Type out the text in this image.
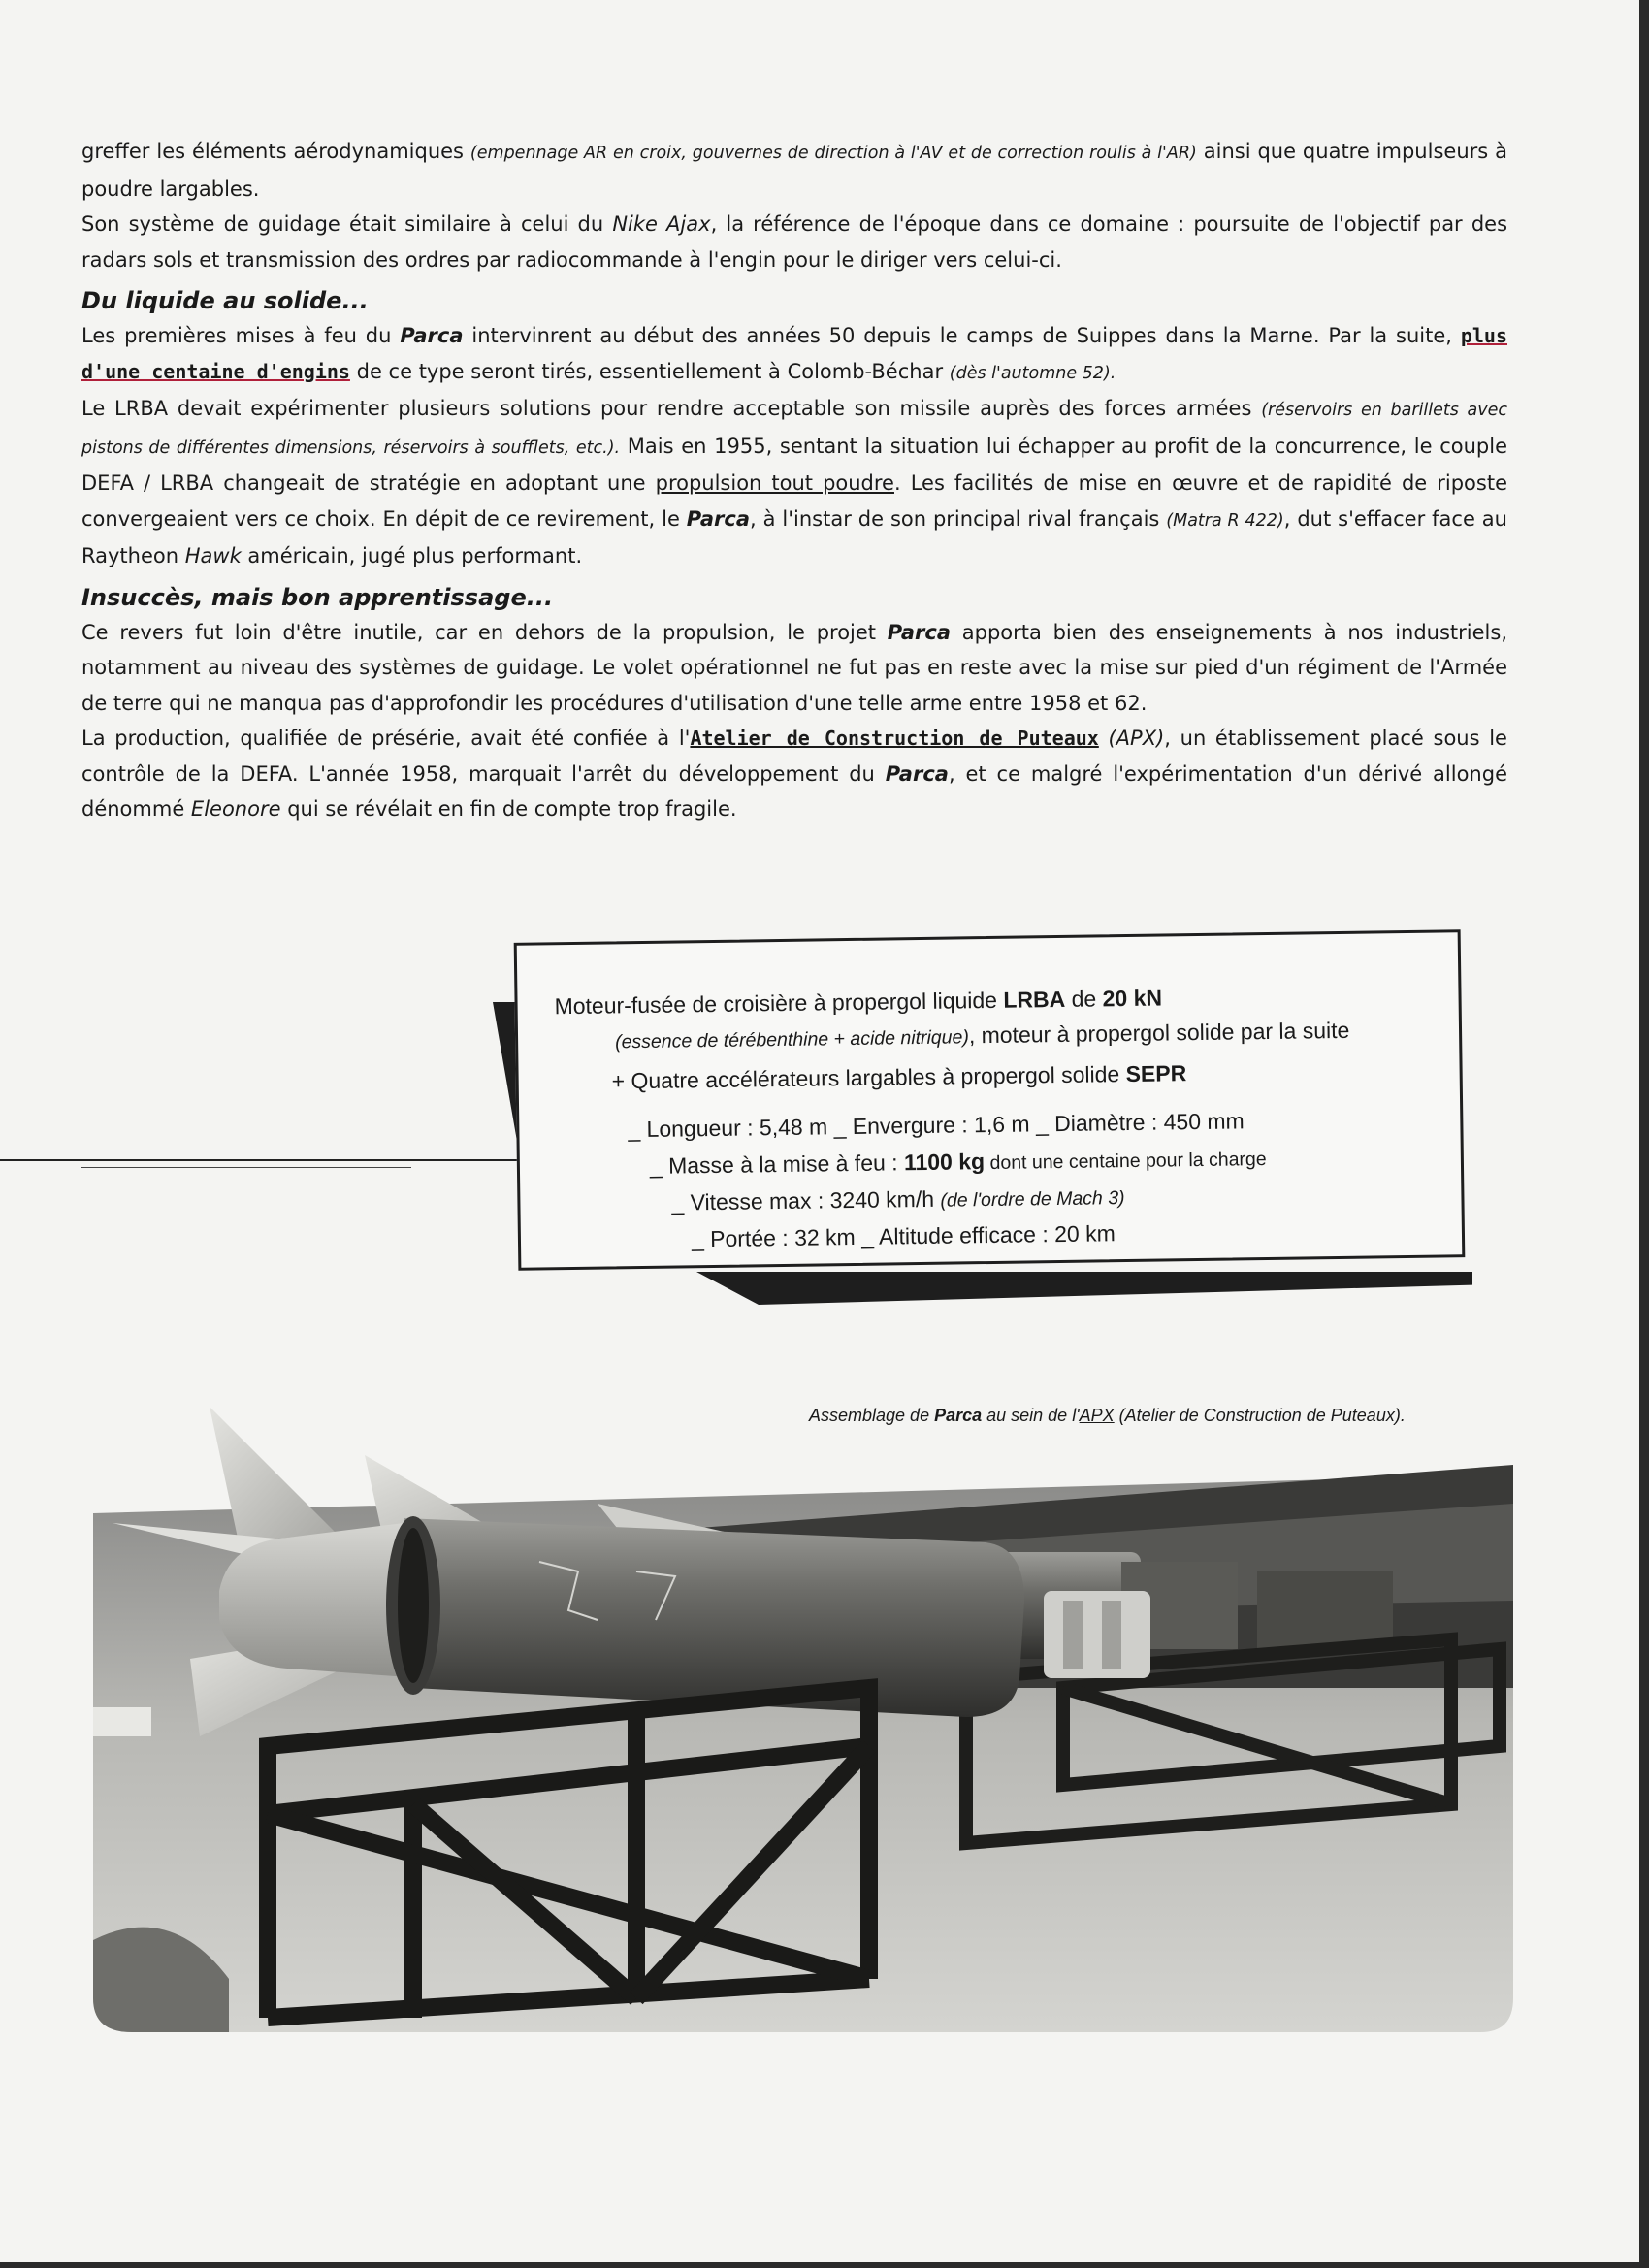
greffer les éléments aérodynamiques (empennage AR en croix, gouvernes de direction à l'AV et de correction roulis à l'AR) ainsi que quatre impulseurs à poudre largables.

Son système de guidage était similaire à celui du Nike Ajax, la référence de l'époque dans ce domaine : poursuite de l'objectif par des radars sols et transmission des ordres par radiocommande à l'engin pour le diriger vers celui-ci.

Du liquide au solide...

Les premières mises à feu du Parca intervinrent au début des années 50 depuis le camps de Suippes dans la Marne. Par la suite, plus d'une centaine d'engins de ce type seront tirés, essentiellement à Colomb-Béchar (dès l'automne 52).

Le LRBA devait expérimenter plusieurs solutions pour rendre acceptable son missile auprès des forces armées (réservoirs en barillets avec pistons de différentes dimensions, réservoirs à soufflets, etc.). Mais en 1955, sentant la situation lui échapper au profit de la concurrence, le couple DEFA / LRBA changeait de stratégie en adoptant une propulsion tout poudre. Les facilités de mise en œuvre et de rapidité de riposte convergeaient vers ce choix. En dépit de ce revirement, le Parca, à l'instar de son principal rival français (Matra R 422), dut s'effacer face au Raytheon Hawk américain, jugé plus performant.

Insuccès, mais bon apprentissage...

Ce revers fut loin d'être inutile, car en dehors de la propulsion, le projet Parca apporta bien des enseignements à nos industriels, notamment au niveau des systèmes de guidage. Le volet opérationnel ne fut pas en reste avec la mise sur pied d'un régiment de l'Armée de terre qui ne manqua pas d'approfondir les procédures d'utilisation d'une telle arme entre 1958 et 62.

La production, qualifiée de présérie, avait été confiée à l'Atelier de Construction de Puteaux (APX), un établissement placé sous le contrôle de la DEFA. L'année 1958, marquait l'arrêt du développement du Parca, et ce malgré l'expérimentation d'un dérivé allongé dénommé Eleonore qui se révélait en fin de compte trop fragile.

Moteur-fusée de croisière à propergol liquide LRBA de 20 kN
(essence de térébenthine + acide nitrique), moteur à propergol solide par la suite
+ Quatre accélérateurs largables à propergol solide SEPR
_ Longueur : 5,48 m _ Envergure : 1,6 m _ Diamètre : 450 mm
_ Masse à la mise à feu : 1100 kg dont une centaine pour la charge
_ Vitesse max : 3240 km/h (de l'ordre de Mach 3)
_ Portée : 32 km _ Altitude efficace : 20 km
Assemblage de Parca au sein de l'APX (Atelier de Construction de Puteaux).
